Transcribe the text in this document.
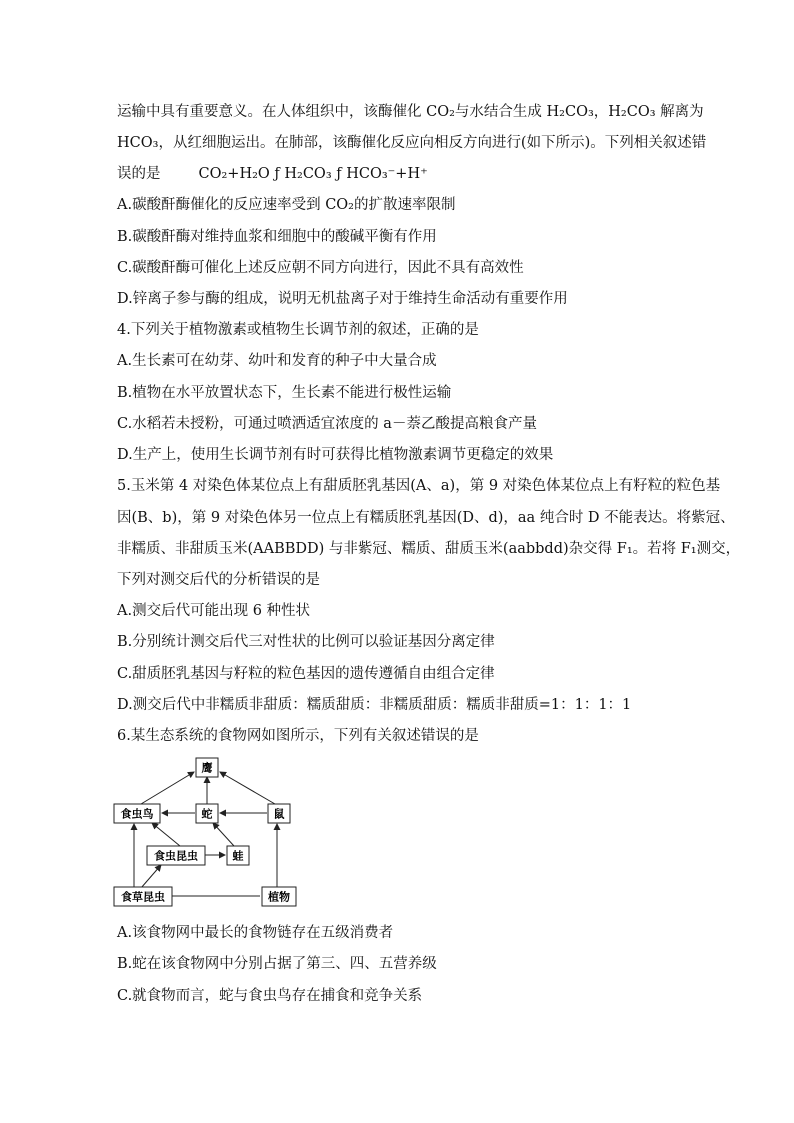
运输中具有重要意义。在人体组织中，该酶催化 CO₂与水结合生成 H₂CO₃，H₂CO₃ 解离为
HCO₃，从红细胞运出。在肺部，该酶催化反应向相反方向进行(如下所示)。下列相关叙述错
误的是	CO₂+H₂O ƒ H₂CO₃ ƒ HCO₃⁻+H⁺
A.碳酸酐酶催化的反应速率受到 CO₂的扩散速率限制
B.碳酸酐酶对维持血浆和细胞中的酸碱平衡有作用
C.碳酸酐酶可催化上述反应朝不同方向进行，因此不具有高效性
D.锌离子参与酶的组成，说明无机盐离子对于维持生命活动有重要作用
4.下列关于植物激素或植物生长调节剂的叙述，正确的是
A.生长素可在幼芽、幼叶和发育的种子中大量合成
B.植物在水平放置状态下，生长素不能进行极性运输
C.水稻若未授粉，可通过喷洒适宜浓度的 a－萘乙酸提高粮食产量
D.生产上，使用生长调节剂有时可获得比植物激素调节更稳定的效果
5.玉米第 4 对染色体某位点上有甜质胚乳基因(A、a)，第 9 对染色体某位点上有籽粒的粒色基
因(B、b)，第 9 对染色体另一位点上有糯质胚乳基因(D、d)，aa 纯合时 D 不能表达。将紫冠、
非糯质、非甜质玉米(AABBDD) 与非紫冠、糯质、甜质玉米(aabbdd)杂交得 F₁。若将 F₁测交，
下列对测交后代的分析错误的是
A.测交后代可能出现 6 种性状
B.分别统计测交后代三对性状的比例可以验证基因分离定律
C.甜质胚乳基因与籽粒的粒色基因的遗传遵循自由组合定律
D.测交后代中非糯质非甜质：糯质甜质：非糯质甜质：糯质非甜质=1：1：1：1
6.某生态系统的食物网如图所示，下列有关叙述错误的是
鹰
食虫鸟	蛇	鼠
食虫昆虫	蛙
食草昆虫	植物
A.该食物网中最长的食物链存在五级消费者
B.蛇在该食物网中分别占据了第三、四、五营养级
C.就食物而言，蛇与食虫鸟存在捕食和竞争关系
